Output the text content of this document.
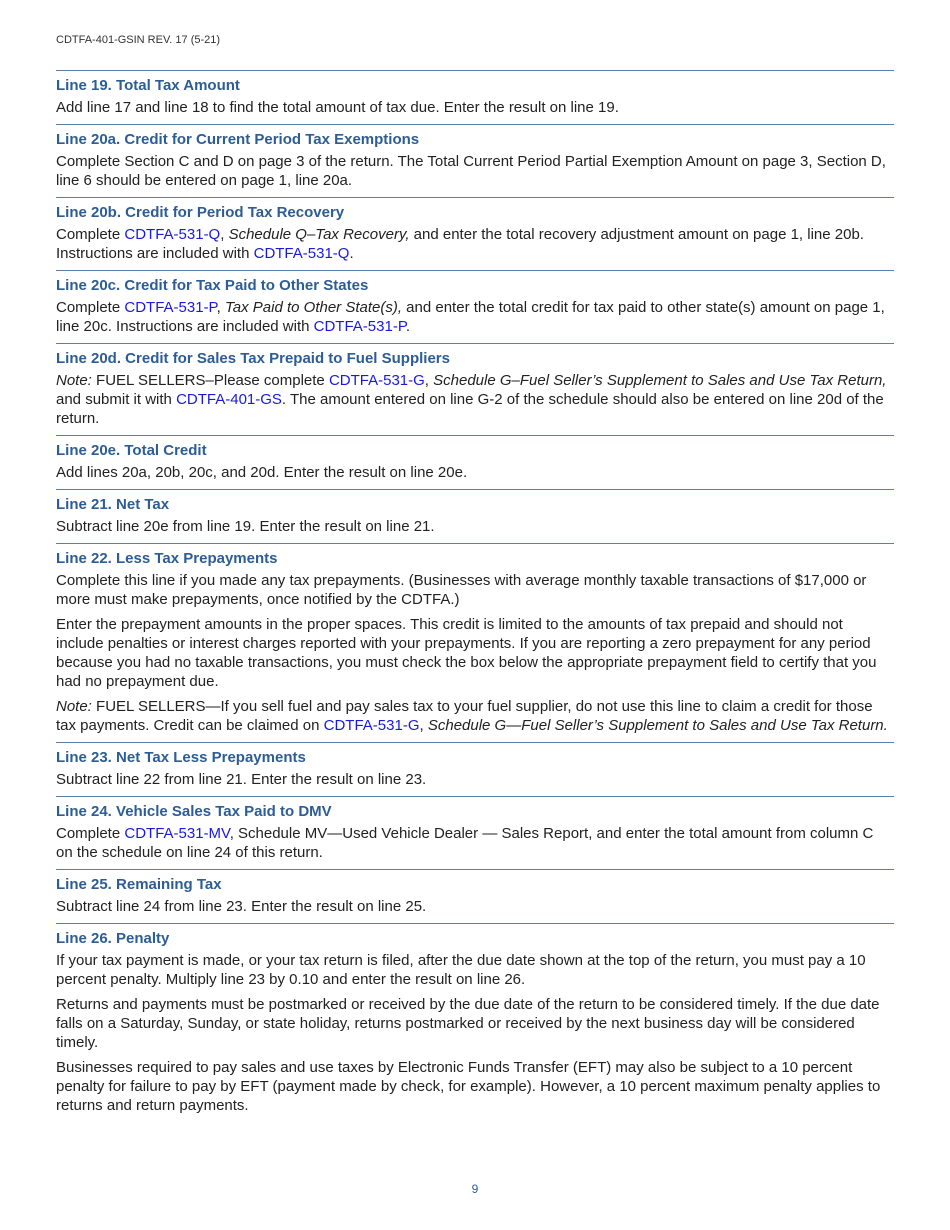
CDTFA-401-GSIN REV. 17 (5-21)
Line 19. Total Tax Amount

Add line 17 and line 18 to find the total amount of tax due. Enter the result on line 19.

Line 20a. Credit for Current Period Tax Exemptions

Complete Section C and D on page 3 of the return. The Total Current Period Partial Exemption Amount on page 3, Section D, line 6 should be entered on page 1, line 20a.

Line 20b. Credit for Period Tax Recovery

Complete CDTFA-531-Q, Schedule Q–Tax Recovery, and enter the total recovery adjustment amount on page 1, line 20b. Instructions are included with CDTFA-531-Q.

Line 20c. Credit for Tax Paid to Other States

Complete CDTFA-531-P, Tax Paid to Other State(s), and enter the total credit for tax paid to other state(s) amount on page 1, line 20c. Instructions are included with CDTFA-531-P.

Line 20d. Credit for Sales Tax Prepaid to Fuel Suppliers

Note: FUEL SELLERS–Please complete CDTFA-531-G, Schedule G–Fuel Seller’s Supplement to Sales and Use Tax Return, and submit it with CDTFA-401-GS. The amount entered on line G-2 of the schedule should also be entered on line 20d of the return.

Line 20e. Total Credit

Add lines 20a, 20b, 20c, and 20d. Enter the result on line 20e.

Line 21. Net Tax

Subtract line 20e from line 19. Enter the result on line 21.

Line 22. Less Tax Prepayments

Complete this line if you made any tax prepayments. (Businesses with average monthly taxable transactions of $17,000 or more must make prepayments, once notified by the CDTFA.)

Enter the prepayment amounts in the proper spaces. This credit is limited to the amounts of tax prepaid and should not include penalties or interest charges reported with your prepayments. If you are reporting a zero prepayment for any period because you had no taxable transactions, you must check the box below the appropriate prepayment field to certify that you had no prepayment due.

Note: FUEL SELLERS—If you sell fuel and pay sales tax to your fuel supplier, do not use this line to claim a credit for those tax payments. Credit can be claimed on CDTFA-531-G, Schedule G—Fuel Seller’s Supplement to Sales and Use Tax Return.

Line 23. Net Tax Less Prepayments

Subtract line 22 from line 21. Enter the result on line 23.

Line 24. Vehicle Sales Tax Paid to DMV

Complete CDTFA-531-MV, Schedule MV—Used Vehicle Dealer — Sales Report, and enter the total amount from column C on the schedule on line 24 of this return.

Line 25. Remaining Tax

Subtract line 24 from line 23. Enter the result on line 25.

Line 26. Penalty

If your tax payment is made, or your tax return is filed, after the due date shown at the top of the return, you must pay a 10 percent penalty. Multiply line 23 by 0.10 and enter the result on line 26.

Returns and payments must be postmarked or received by the due date of the return to be considered timely. If the due date falls on a Saturday, Sunday, or state holiday, returns postmarked or received by the next business day will be considered timely.

Businesses required to pay sales and use taxes by Electronic Funds Transfer (EFT) may also be subject to a 10 percent penalty for failure to pay by EFT (payment made by check, for example). However, a 10 percent maximum penalty applies to returns and return payments.

9
